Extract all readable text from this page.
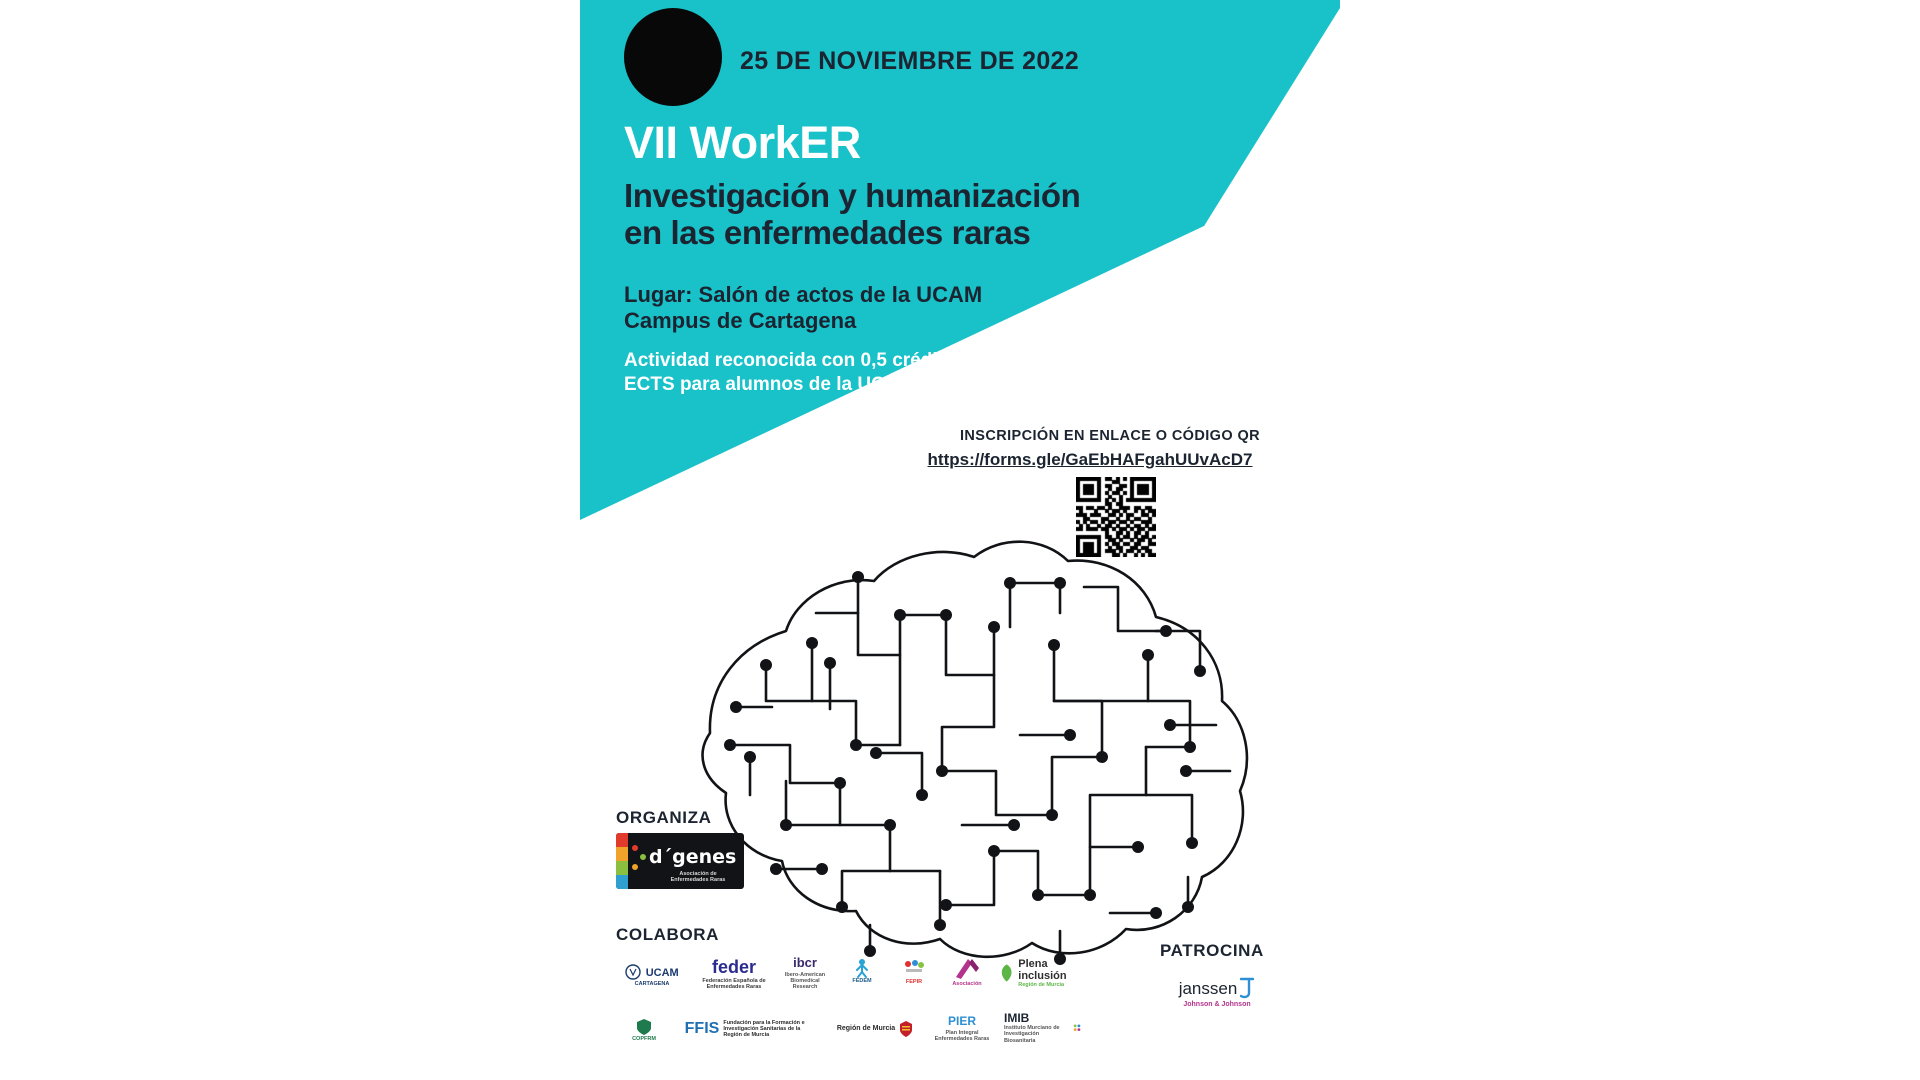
25 DE NOVIEMBRE DE 2022
VII WorkER
Investigación y humanización
en las enfermedades raras
Lugar: Salón de actos de la UCAM
Campus de Cartagena
Actividad reconocida con 0,5 créditos
ECTS para alumnos de la UCAM
INSCRIPCIÓN EN ENLACE O CÓDIGO QR
https://forms.gle/GaEbHAFgahUUvAcD7
ORGANIZA
d´genes
Asociación de
Enfermedades Raras
COLABORA
UCAM
CARTAGENA
feder
Federación Española de Enfermedades Raras
ibcr
Ibero-American Biomedical Research
FEDEM	FEPIR	Asociación
Plena inclusión
Región de Murcia
COPFRM
FFIS Fundación para la Formación e Investigación Sanitarias de la Región de Murcia
Región de Murcia
PIER
Plan Integral Enfermedades Raras
IMIB
Instituto Murciano de Investigación Biosanitaria
PATROCINA
janssen
Johnson & Johnson
